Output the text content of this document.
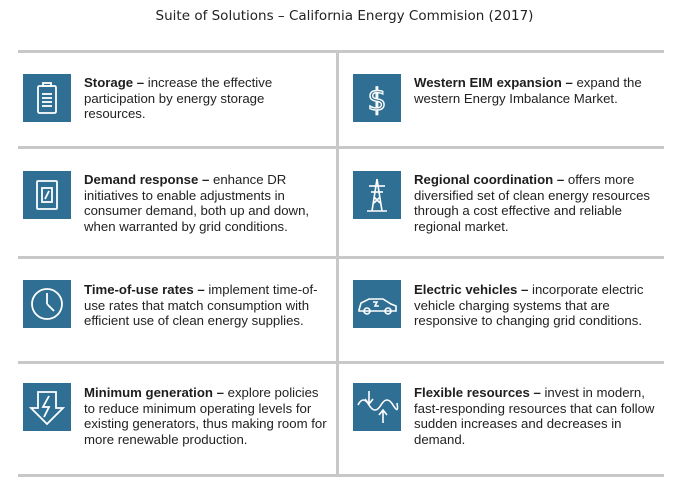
Suite of Solutions – California Energy Commision (2017)
Storage – increase the effective participation by energy storage resources.	$
Western EIM expansion – expand the western Energy Imbalance Market.
Demand response – enhance DR initiatives to enable adjustments in consumer demand, both up and down, when warranted by grid conditions.
Regional coordination – offers more diversified set of clean energy resources through a cost effective and reliable regional market.
Time-of-use rates – implement time-of-use rates that match consumption with efficient use of clean energy supplies.
Electric vehicles – incorporate electric vehicle charging systems that are responsive to changing grid conditions.
Minimum generation – explore policies to reduce minimum operating levels for existing generators, thus making room for more renewable production.
Flexible resources – invest in modern, fast-responding resources that can follow sudden increases and decreases in demand.
